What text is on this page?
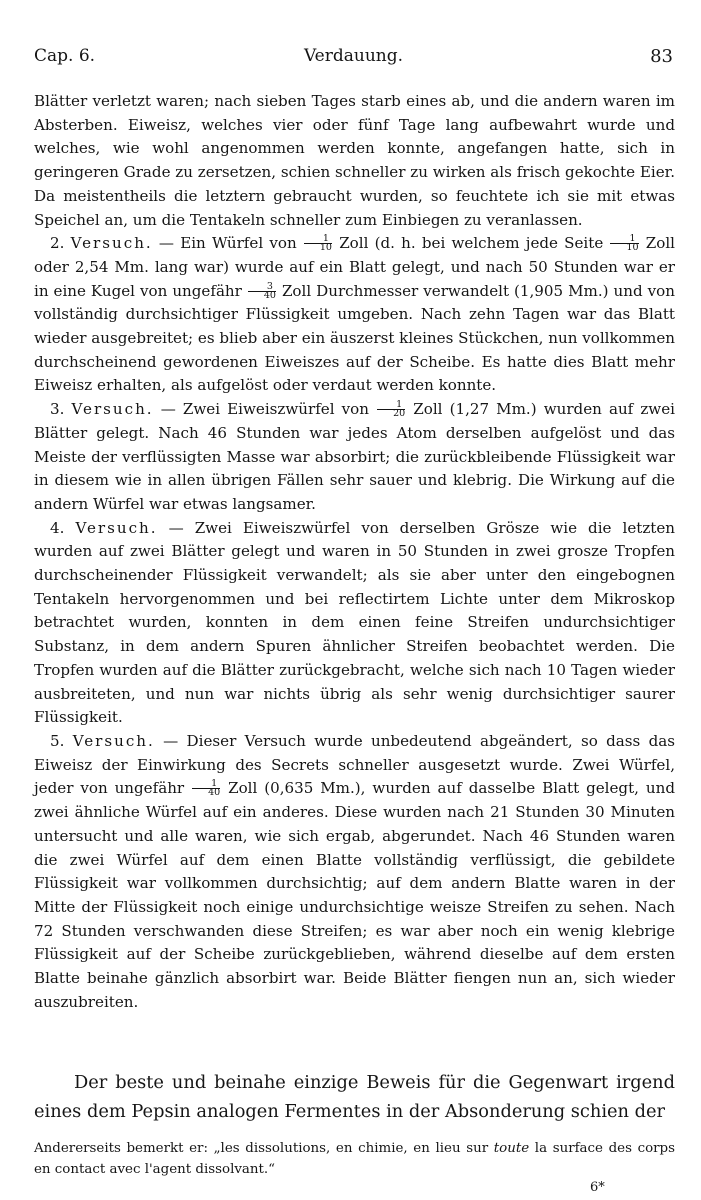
Cap. 6.	Verdauung.	83

Blätter verletzt waren; nach sieben Tages starb eines ab, und die andern waren im Absterben. Eiweisz, welches vier oder fünf Tage lang aufbewahrt wurde und welches, wie wohl angenommen werden konnte, angefangen hatte, sich in geringeren Grade zu zersetzen, schien schneller zu wirken als frisch gekochte Eier. Da meistentheils die letztern gebraucht wurden, so feuchtete ich sie mit etwas Speichel an, um die Tentakeln schneller zum Einbiegen zu veranlassen.

2. Versuch. — Ein Würfel von $\frac{1}{10}$ Zoll (d. h. bei welchem jede Seite $\frac{1}{10}$ Zoll oder 2,54 Mm. lang war) wurde auf ein Blatt gelegt, und nach 50 Stunden war er in eine Kugel von ungefähr $\frac{3}{40}$ Zoll Durchmesser verwandelt (1,905 Mm.) und von vollständig durchsichtiger Flüssigkeit umgeben. Nach zehn Tagen war das Blatt wieder ausgebreitet; es blieb aber ein äuszerst kleines Stückchen, nun vollkommen durchscheinend gewordenen Eiweiszes auf der Scheibe. Es hatte dies Blatt mehr Eiweisz erhalten, als aufgelöst oder verdaut werden konnte.

3. Versuch. — Zwei Eiweiszwürfel von $\frac{1}{20}$ Zoll (1,27 Mm.) wurden auf zwei Blätter gelegt. Nach 46 Stunden war jedes Atom derselben aufgelöst und das Meiste der verflüssigten Masse war absorbirt; die zurückbleibende Flüssigkeit war in diesem wie in allen übrigen Fällen sehr sauer und klebrig. Die Wirkung auf die andern Würfel war etwas langsamer.

4. Versuch. — Zwei Eiweiszwürfel von derselben Grösze wie die letzten wurden auf zwei Blätter gelegt und waren in 50 Stunden in zwei grosze Tropfen durchscheinender Flüssigkeit verwandelt; als sie aber unter den eingebognen Tentakeln hervorgenommen und bei reflectirtem Lichte unter dem Mikroskop betrachtet wurden, konnten in dem einen feine Streifen undurchsichtiger Substanz, in dem andern Spuren ähnlicher Streifen beobachtet werden. Die Tropfen wurden auf die Blätter zurückgebracht, welche sich nach 10 Tagen wieder ausbreiteten, und nun war nichts übrig als sehr wenig durchsichtiger saurer Flüssigkeit.

5. Versuch. — Dieser Versuch wurde unbedeutend abgeändert, so dass das Eiweisz der Einwirkung des Secrets schneller ausgesetzt wurde. Zwei Würfel, jeder von ungefähr $\frac{1}{40}$ Zoll (0,635 Mm.), wurden auf dasselbe Blatt gelegt, und zwei ähnliche Würfel auf ein anderes. Diese wurden nach 21 Stunden 30 Minuten untersucht und alle waren, wie sich ergab, abgerundet. Nach 46 Stunden waren die zwei Würfel auf dem einen Blatte vollständig verflüssigt, die gebildete Flüssigkeit war vollkommen durchsichtig; auf dem andern Blatte waren in der Mitte der Flüssigkeit noch einige undurchsichtige weisze Streifen zu sehen. Nach 72 Stunden verschwanden diese Streifen; es war aber noch ein wenig klebrige Flüssigkeit auf der Scheibe zurückgeblieben, während dieselbe auf dem ersten Blatte beinahe gänzlich absorbirt war. Beide Blätter fiengen nun an, sich wieder auszubreiten.

Der beste und beinahe einzige Beweis für die Gegenwart irgend eines dem Pepsin analogen Fermentes in der Absonderung schien der

Andererseits bemerkt er: „les dissolutions, en chimie, en lieu sur toute la surface des corps en contact avec l'agent dissolvant.“

6*
